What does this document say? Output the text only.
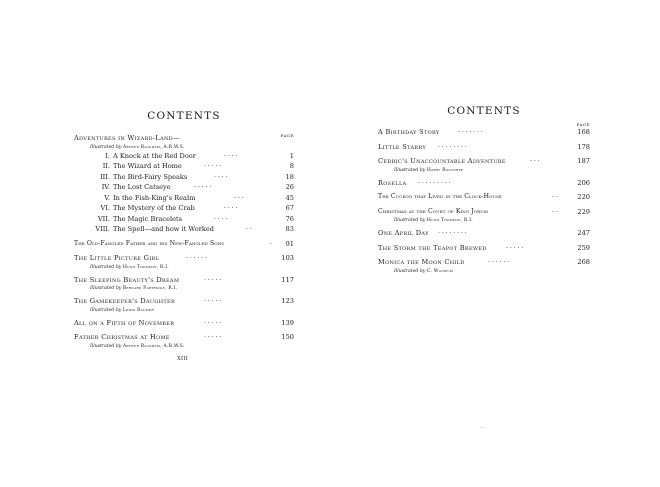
CONTENTS
Adventures in Wizard-Land—	PAGE
Illustrated by Arthur Rackham, A.R.W.S.
I. A Knock at the Red Door	. . . .	1
II. The Wizard at Home	. . . . .	8
III. The Bird-Fairy Speaks	. . . .	18
IV. The Lost Catseye	. . . . .	26
V. In the Fish-King's Realm	. . .	45
VI. The Mystery of the Crab	. . . .	67
VII. The Magic Bracelets	. . . .	76
VIII. The Spell—and how it Worked	. .	83
The Old-Fangled Father and his New-Fangled Sons	. 91
The Little Picture Girl	. . . . . .	103
Illustrated by Hugh Thomson, R.I.
The Sleeping Beauty's Dream	. . . . .	117
Illustrated by Bernard Partridge, R.I.
The Gamekeeper's Daughter	. . . . .	123
Illustrated by Lewis Baumer
All on a Fifth of November	. . . . .	139
Father Christmas at Home	. . . . .	150
Illustrated by Arthur Rackham, A.R.W.S.
XIII
CONTENTS
PAGE
A Birthday Story	. . . . . . .	168
Little Starry . . . . . . . .	178
Cedric's Unaccountable Adventure	. . .	187
Illustrated by Harry Rountree
Rosella . . . . . . . . .	206
The Cuckoo that Lived in the Clock-House	. .	220
Christmas at the Court of King Jorum	. .	229
Illustrated by Hugh Thomson, R.I.
One April Day . . . . . . . .	247
The Storm the Teapot Brewed	. . . . .	259
Monica the Moon Child	. . . . . .	268
Illustrated by C. Wilhelm
...
